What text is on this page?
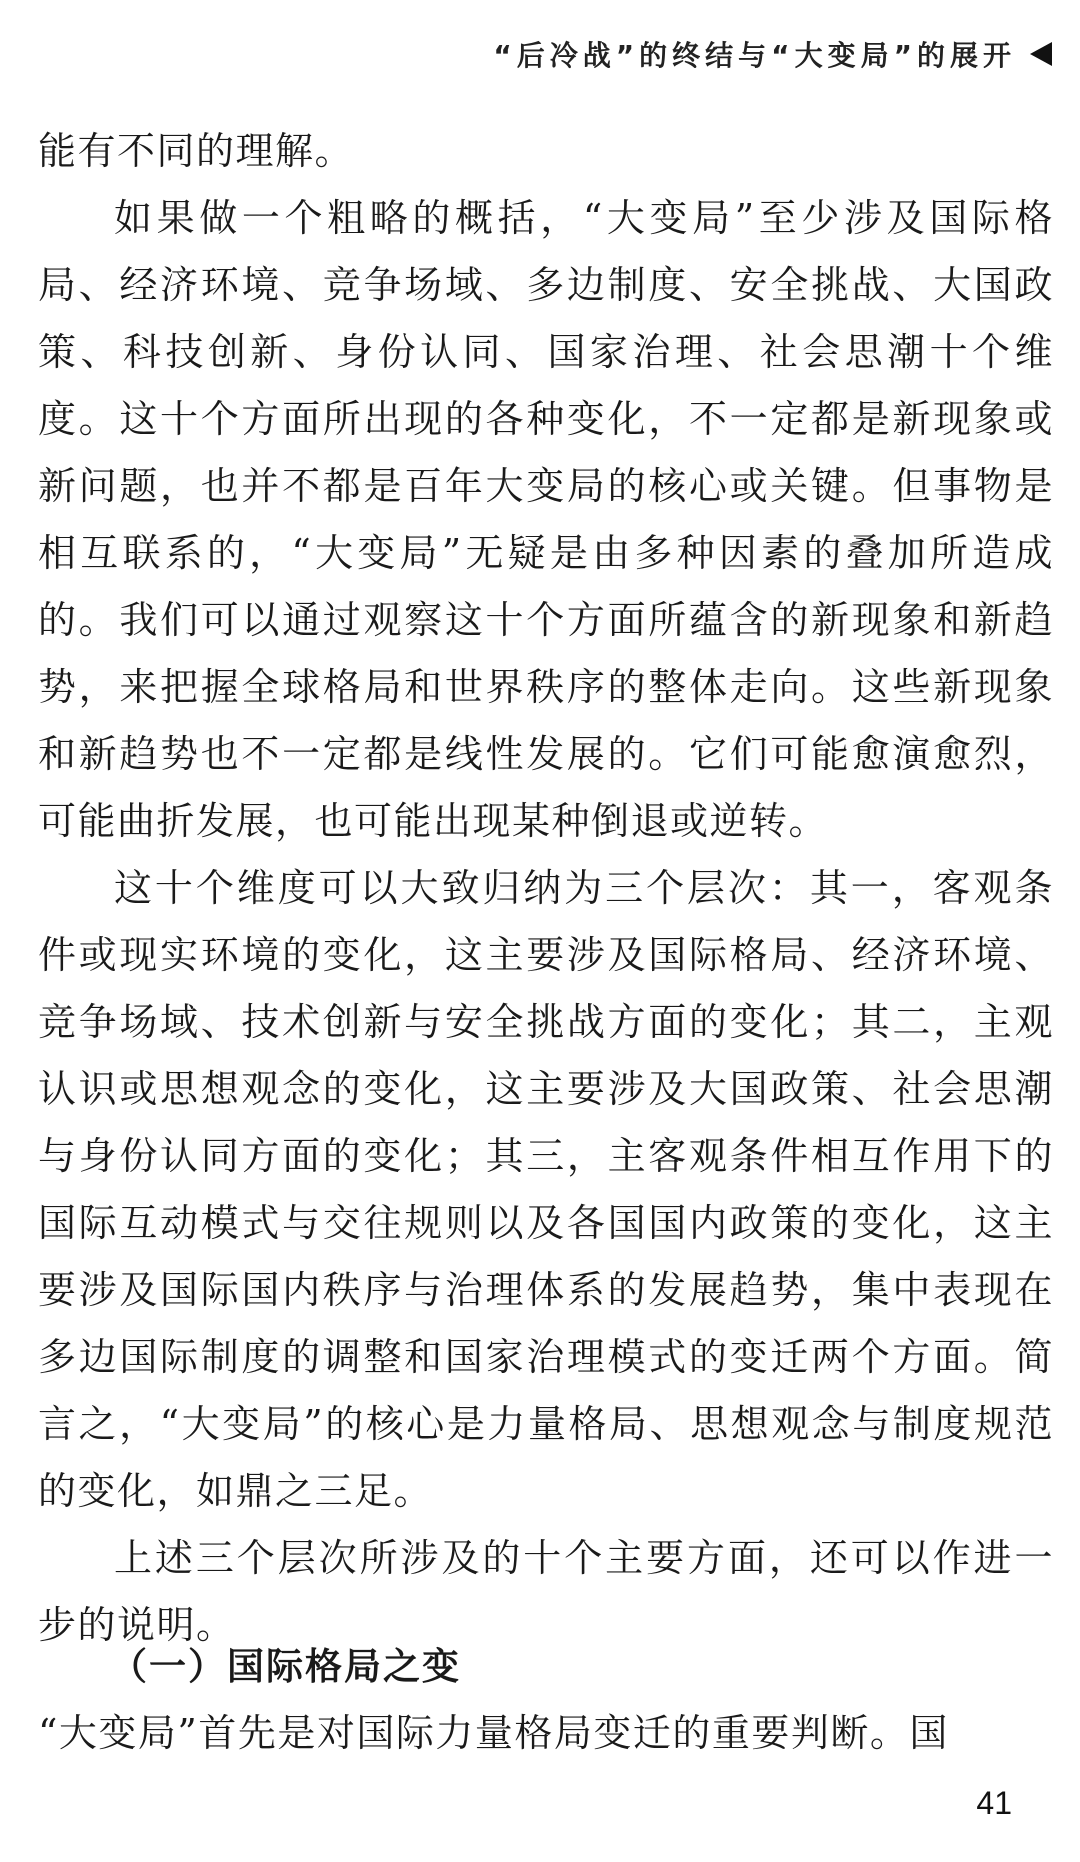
“后冷战”的终结与“大变局”的展开

能有不同的理解。

如果做一个粗略的概括，“大变局”至少涉及国际格局、经济环境、竞争场域、多边制度、安全挑战、大国政策、科技创新、身份认同、国家治理、社会思潮十个维度。这十个方面所出现的各种变化，不一定都是新现象或新问题，也并不都是百年大变局的核心或关键。但事物是相互联系的，“大变局”无疑是由多种因素的叠加所造成的。我们可以通过观察这十个方面所蕴含的新现象和新趋势，来把握全球格局和世界秩序的整体走向。这些新现象和新趋势也不一定都是线性发展的。它们可能愈演愈烈，可能曲折发展，也可能出现某种倒退或逆转。

这十个维度可以大致归纳为三个层次：其一，客观条件或现实环境的变化，这主要涉及国际格局、经济环境、竞争场域、技术创新与安全挑战方面的变化；其二，主观认识或思想观念的变化，这主要涉及大国政策、社会思潮与身份认同方面的变化；其三，主客观条件相互作用下的国际互动模式与交往规则以及各国国内政策的变化，这主要涉及国际国内秩序与治理体系的发展趋势，集中表现在多边国际制度的调整和国家治理模式的变迁两个方面。简言之，“大变局”的核心是力量格局、思想观念与制度规范的变化，如鼎之三足。

上述三个层次所涉及的十个主要方面，还可以作进一步的说明。

（一）国际格局之变

“大变局”首先是对国际力量格局变迁的重要判断。国

41
